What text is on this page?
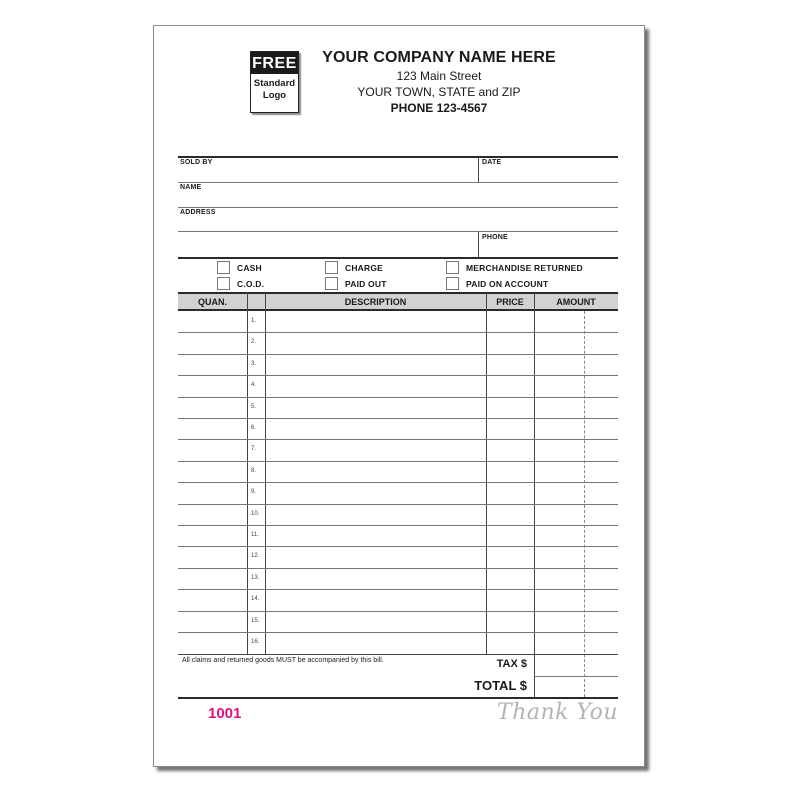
FREE
Standard
Logo
YOUR COMPANY NAME HERE
123 Main Street
YOUR TOWN, STATE and ZIP
PHONE 123-4567
SOLD BY	DATE
NAME
ADDRESS
PHONE
CASH	CHARGE	MERCHANDISE RETURNED
C.O.D.	PAID OUT	PAID ON ACCOUNT
QUAN.	DESCRIPTION	PRICE	AMOUNT
1.
2.
3.
4.
5.
6.
7.
8.
9.
10.
11.
12.
13.
14.
15.
16.
All claims and returned goods MUST be accompanied by this bill.	TAX $
TOTAL $
1001	Thank You
